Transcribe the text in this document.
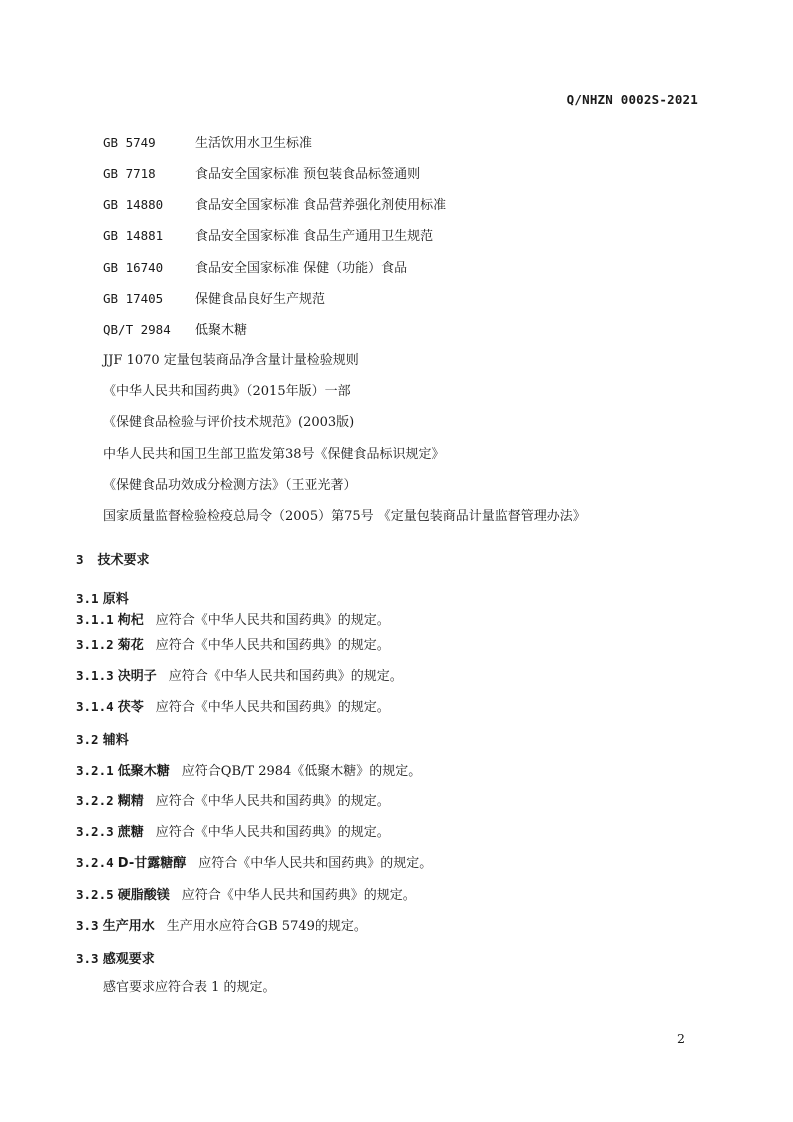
Q/NHZN 0002S-2021
GB 5749	生活饮用水卫生标准
GB 7718	食品安全国家标准 预包装食品标签通则
GB 14880 食品安全国家标准 食品营养强化剂使用标准
GB 14881 食品安全国家标准 食品生产通用卫生规范
GB 16740 食品安全国家标准 保健（功能）食品
GB 17405 保健食品良好生产规范
QB/T 2984 低聚木糖
JJF 1070 定量包装商品净含量计量检验规则
《中华人民共和国药典》（2015年版）一部
《保健食品检验与评价技术规范》(2003版)
中华人民共和国卫生部卫监发第38号《保健食品标识规定》
《保健食品功效成分检测方法》（王亚光著）
国家质量监督检验检疫总局令（2005）第75号 《定量包装商品计量监督管理办法》
3 技术要求
3.1 原料
3.1.1 枸杞 应符合《中华人民共和国药典》的规定。
3.1.2 菊花 应符合《中华人民共和国药典》的规定。
3.1.3 决明子 应符合《中华人民共和国药典》的规定。
3.1.4 茯苓 应符合《中华人民共和国药典》的规定。
3.2 辅料
3.2.1 低聚木糖 应符合QB/T 2984《低聚木糖》的规定。
3.2.2 糊精 应符合《中华人民共和国药典》的规定。
3.2.3 蔗糖 应符合《中华人民共和国药典》的规定。
3.2.4 D-甘露糖醇 应符合《中华人民共和国药典》的规定。
3.2.5 硬脂酸镁 应符合《中华人民共和国药典》的规定。
3.3 生产用水 生产用水应符合GB 5749的规定。
3.3 感观要求
感官要求应符合表 1 的规定。
2
